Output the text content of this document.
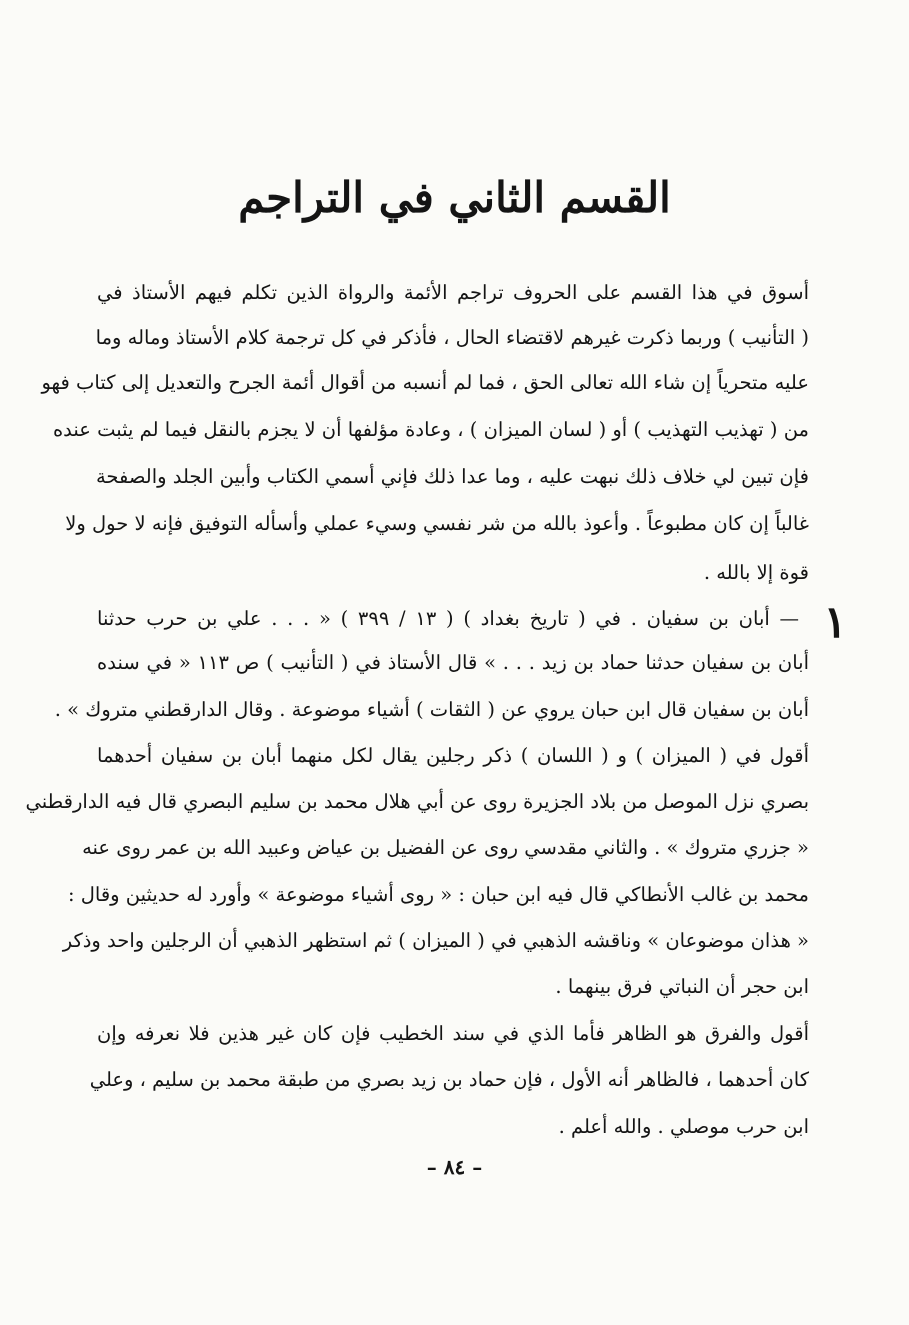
القسم الثاني في التراجم
أسوق في هذا القسم على الحروف تراجم الأئمة والرواة الذين تكلم فيهم الأستاذ في
( التأنيب ) وربما ذكرت غيرهم لاقتضاء الحال ، فأذكر في كل ترجمة كلام الأستاذ وماله وما
عليه متحرياً إن شاء الله تعالى الحق ، فما لم أنسبه من أقوال أئمة الجرح والتعديل إلى كتاب فهو
من ( تهذيب التهذيب ) أو ( لسان الميزان ) ، وعادة مؤلفها أن لا يجزم بالنقل فيما لم يثبت عنده
فإن تبين لي خلاف ذلك نبهت عليه ، وما عدا ذلك فإني أسمي الكتاب وأبين الجلد والصفحة
غالباً إن كان مطبوعاً . وأعوذ بالله من شر نفسي وسيء عملي وأسأله التوفيق فإنه لا حول ولا
قوة إلا بالله .
١
— أبان بن سفيان . في ( تاريخ بغداد ) ( ١٣ / ٣٩٩ ) « . . . علي بن حرب حدثنا
أبان بن سفيان حدثنا حماد بن زيد . . . » قال الأستاذ في ( التأنيب ) ص ١١٣ « في سنده
أبان بن سفيان قال ابن حبان يروي عن ( الثقات ) أشياء موضوعة . وقال الدارقطني متروك » .
أقول في ( الميزان ) و ( اللسان ) ذكر رجلين يقال لكل منهما أبان بن سفيان أحدهما
بصري نزل الموصل من بلاد الجزيرة روى عن أبي هلال محمد بن سليم البصري قال فيه الدارقطني
« جزري متروك » . والثاني مقدسي روى عن الفضيل بن عياض وعبيد الله بن عمر روى عنه
محمد بن غالب الأنطاكي قال فيه ابن حبان : « روى أشياء موضوعة » وأورد له حديثين وقال :
« هذان موضوعان » وناقشه الذهبي في ( الميزان ) ثم استظهر الذهبي أن الرجلين واحد وذكر
ابن حجر أن النباتي فرق بينهما .
أقول والفرق هو الظاهر فأما الذي في سند الخطيب فإن كان غير هذين فلا نعرفه وإن
كان أحدهما ، فالظاهر أنه الأول ، فإن حماد بن زيد بصري من طبقة محمد بن سليم ، وعلي
ابن حرب موصلي . والله أعلم .
– ٨٤ –
